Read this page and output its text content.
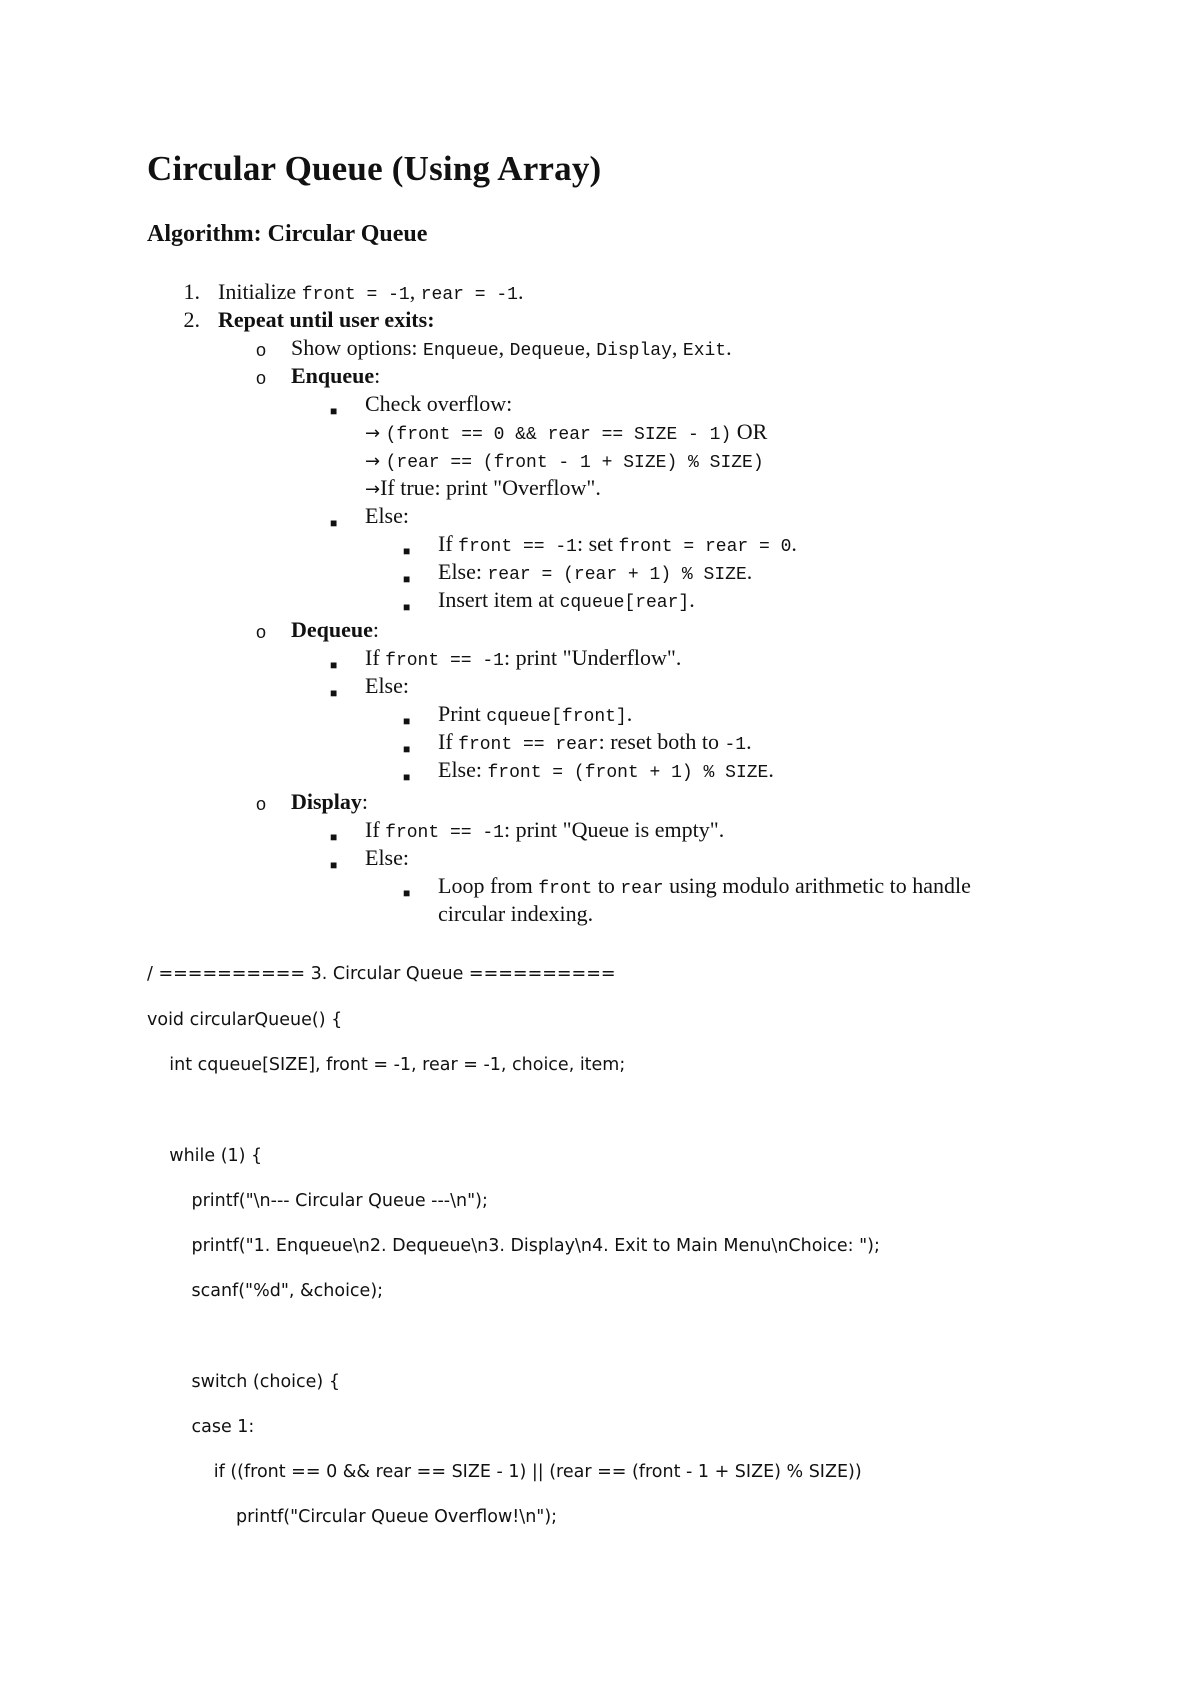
Circular Queue (Using Array)
Algorithm: Circular Queue
1. Initialize front = -1, rear = -1.
2. Repeat until user exits:
o Show options: Enqueue, Dequeue, Display, Exit.
o Enqueue:
■ Check overflow:
→ (front == 0 && rear == SIZE - 1) OR
→ (rear == (front - 1 + SIZE) % SIZE)
→If true: print "Overflow".
■ Else:
■ If front == -1: set front = rear = 0.
■ Else: rear = (rear + 1) % SIZE.
■ Insert item at cqueue[rear].
o Dequeue:
■ If front == -1: print "Underflow".
■ Else:
■ Print cqueue[front].
■ If front == rear: reset both to -1.
■ Else: front = (front + 1) % SIZE.
o Display:
■ If front == -1: print "Queue is empty".
■ Else:
■ Loop from front to rear using modulo arithmetic to handle
circular indexing.
/ ========== 3. Circular Queue ==========
void circularQueue() {
int cqueue[SIZE], front = -1, rear = -1, choice, item;
while (1) {
printf("\n--- Circular Queue ---\n");
printf("1. Enqueue\n2. Dequeue\n3. Display\n4. Exit to Main Menu\nChoice: ");
scanf("%d", &choice);
switch (choice) {
case 1:
if ((front == 0 && rear == SIZE - 1) || (rear == (front - 1 + SIZE) % SIZE))
printf("Circular Queue Overflow!\n");
